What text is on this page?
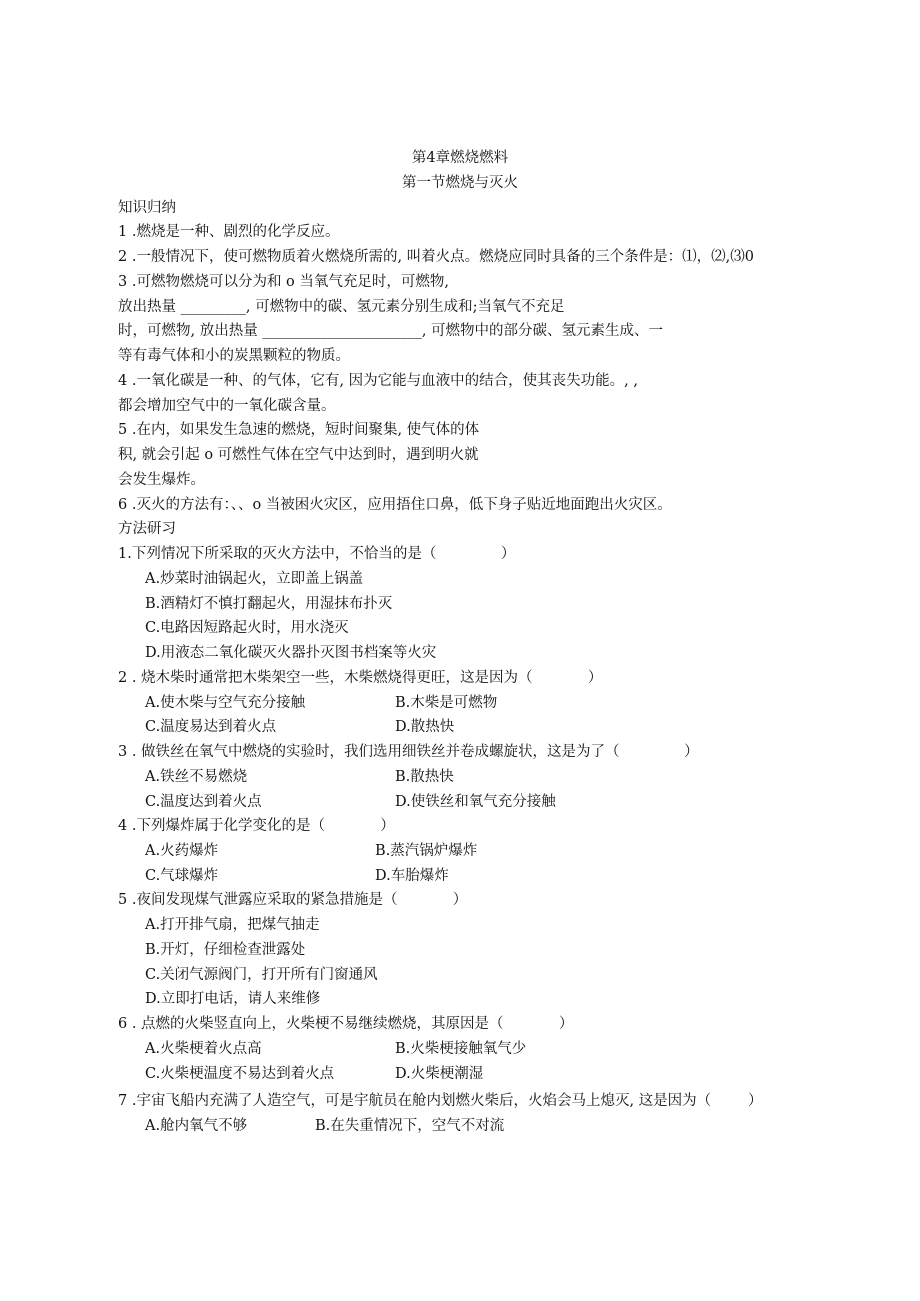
第4章燃烧燃料
第一节燃烧与灭火
知识归纳
1 .燃烧是一种、剧烈的化学反应。
2 .一般情况下，使可燃物质着火燃烧所需的, 叫着火点。燃烧应同时具备的三个条件是：⑴，⑵,⑶0
3 .可燃物燃烧可以分为和 o 当氧气充足时，可燃物,
放出热量 _________, 可燃物中的碳、氢元素分别生成和;当氧气不充足
时，可燃物, 放出热量 ______________________, 可燃物中的部分碳、氢元素生成、一
等有毒气体和小的炭黑颗粒的物质。
4 .一氧化碳是一种、的气体，它有, 因为它能与血液中的结合，使其丧失功能。, ,
都会增加空气中的一氧化碳含量。
5 .在内，如果发生急速的燃烧，短时间聚集, 使气体的体
积, 就会引起 o 可燃性气体在空气中达到时，遇到明火就
会发生爆炸。
6 .灭火的方法有：、、o 当被困火灾区，应用捂住口鼻，低下身子贴近地面跑出火灾区。
方法研习
1.下列情况下所采取的灭火方法中，不恰当的是（              ）
A.炒菜时油锅起火，立即盖上锅盖
B.酒精灯不慎打翻起火，用湿抹布扑灭
C.电路因短路起火时，用水浇灭
D.用液态二氧化碳灭火器扑灭图书档案等火灾
2 . 烧木柴时通常把木柴架空一些，木柴燃烧得更旺，这是因为（            ）
A.使木柴与空气充分接触	B.木柴是可燃物
C.温度易达到着火点	D.散热快
3 . 做铁丝在氧气中燃烧的实验时，我们选用细铁丝并卷成螺旋状，这是为了（              ）
A.铁丝不易燃烧	B.散热快
C.温度达到着火点	D.使铁丝和氧气充分接触
4 .下列爆炸属于化学变化的是（            ）
A.火药爆炸	B.蒸汽锅炉爆炸
C.气球爆炸	D.车胎爆炸
5 .夜间发现煤气泄露应采取的紧急措施是（            ）
A.打开排气扇，把煤气抽走
B.开灯，仔细检查泄露处
C.关闭气源阀门，打开所有门窗通风
D.立即打电话，请人来维修
6 . 点燃的火柴竖直向上，火柴梗不易继续燃烧，其原因是（            ）
A.火柴梗着火点高	B.火柴梗接触氧气少
C.火柴梗温度不易达到着火点	D.火柴梗潮湿
7 .宇宙飞船内充满了人造空气，可是宇航员在舱内划燃火柴后，火焰会马上熄灭, 这是因为（        ）
A.舱内氧气不够	B.在失重情况下，空气不对流
